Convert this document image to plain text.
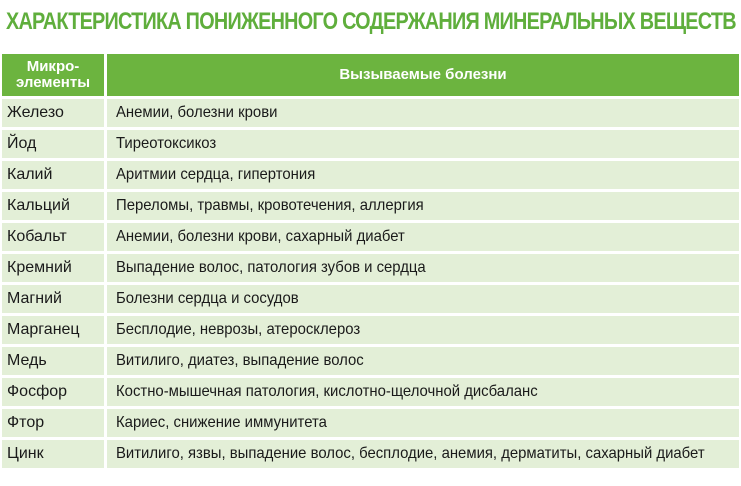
ХАРАКТЕРИСТИКА ПОНИЖЕННОГО СОДЕРЖАНИЯ МИНЕРАЛЬНЫХ ВЕЩЕСТВ
Микро-
элементы	Вызываемые болезни
Железо	Анемии, болезни крови
Йод	Тиреотоксикоз
Калий	Аритмии сердца, гипертония
Кальций	Переломы, травмы, кровотечения, аллергия
Кобальт	Анемии, болезни крови, сахарный диабет
Кремний	Выпадение волос, патология зубов и сердца
Магний	Болезни сердца и сосудов
Марганец	Бесплодие, неврозы, атеросклероз
Медь	Витилиго, диатез, выпадение волос
Фосфор	Костно-мышечная патология, кислотно-щелочной дисбаланс
Фтор	Кариес, снижение иммунитета
Цинк	Витилиго, язвы, выпадение волос, бесплодие, анемия, дерматиты, сахарный диабет
